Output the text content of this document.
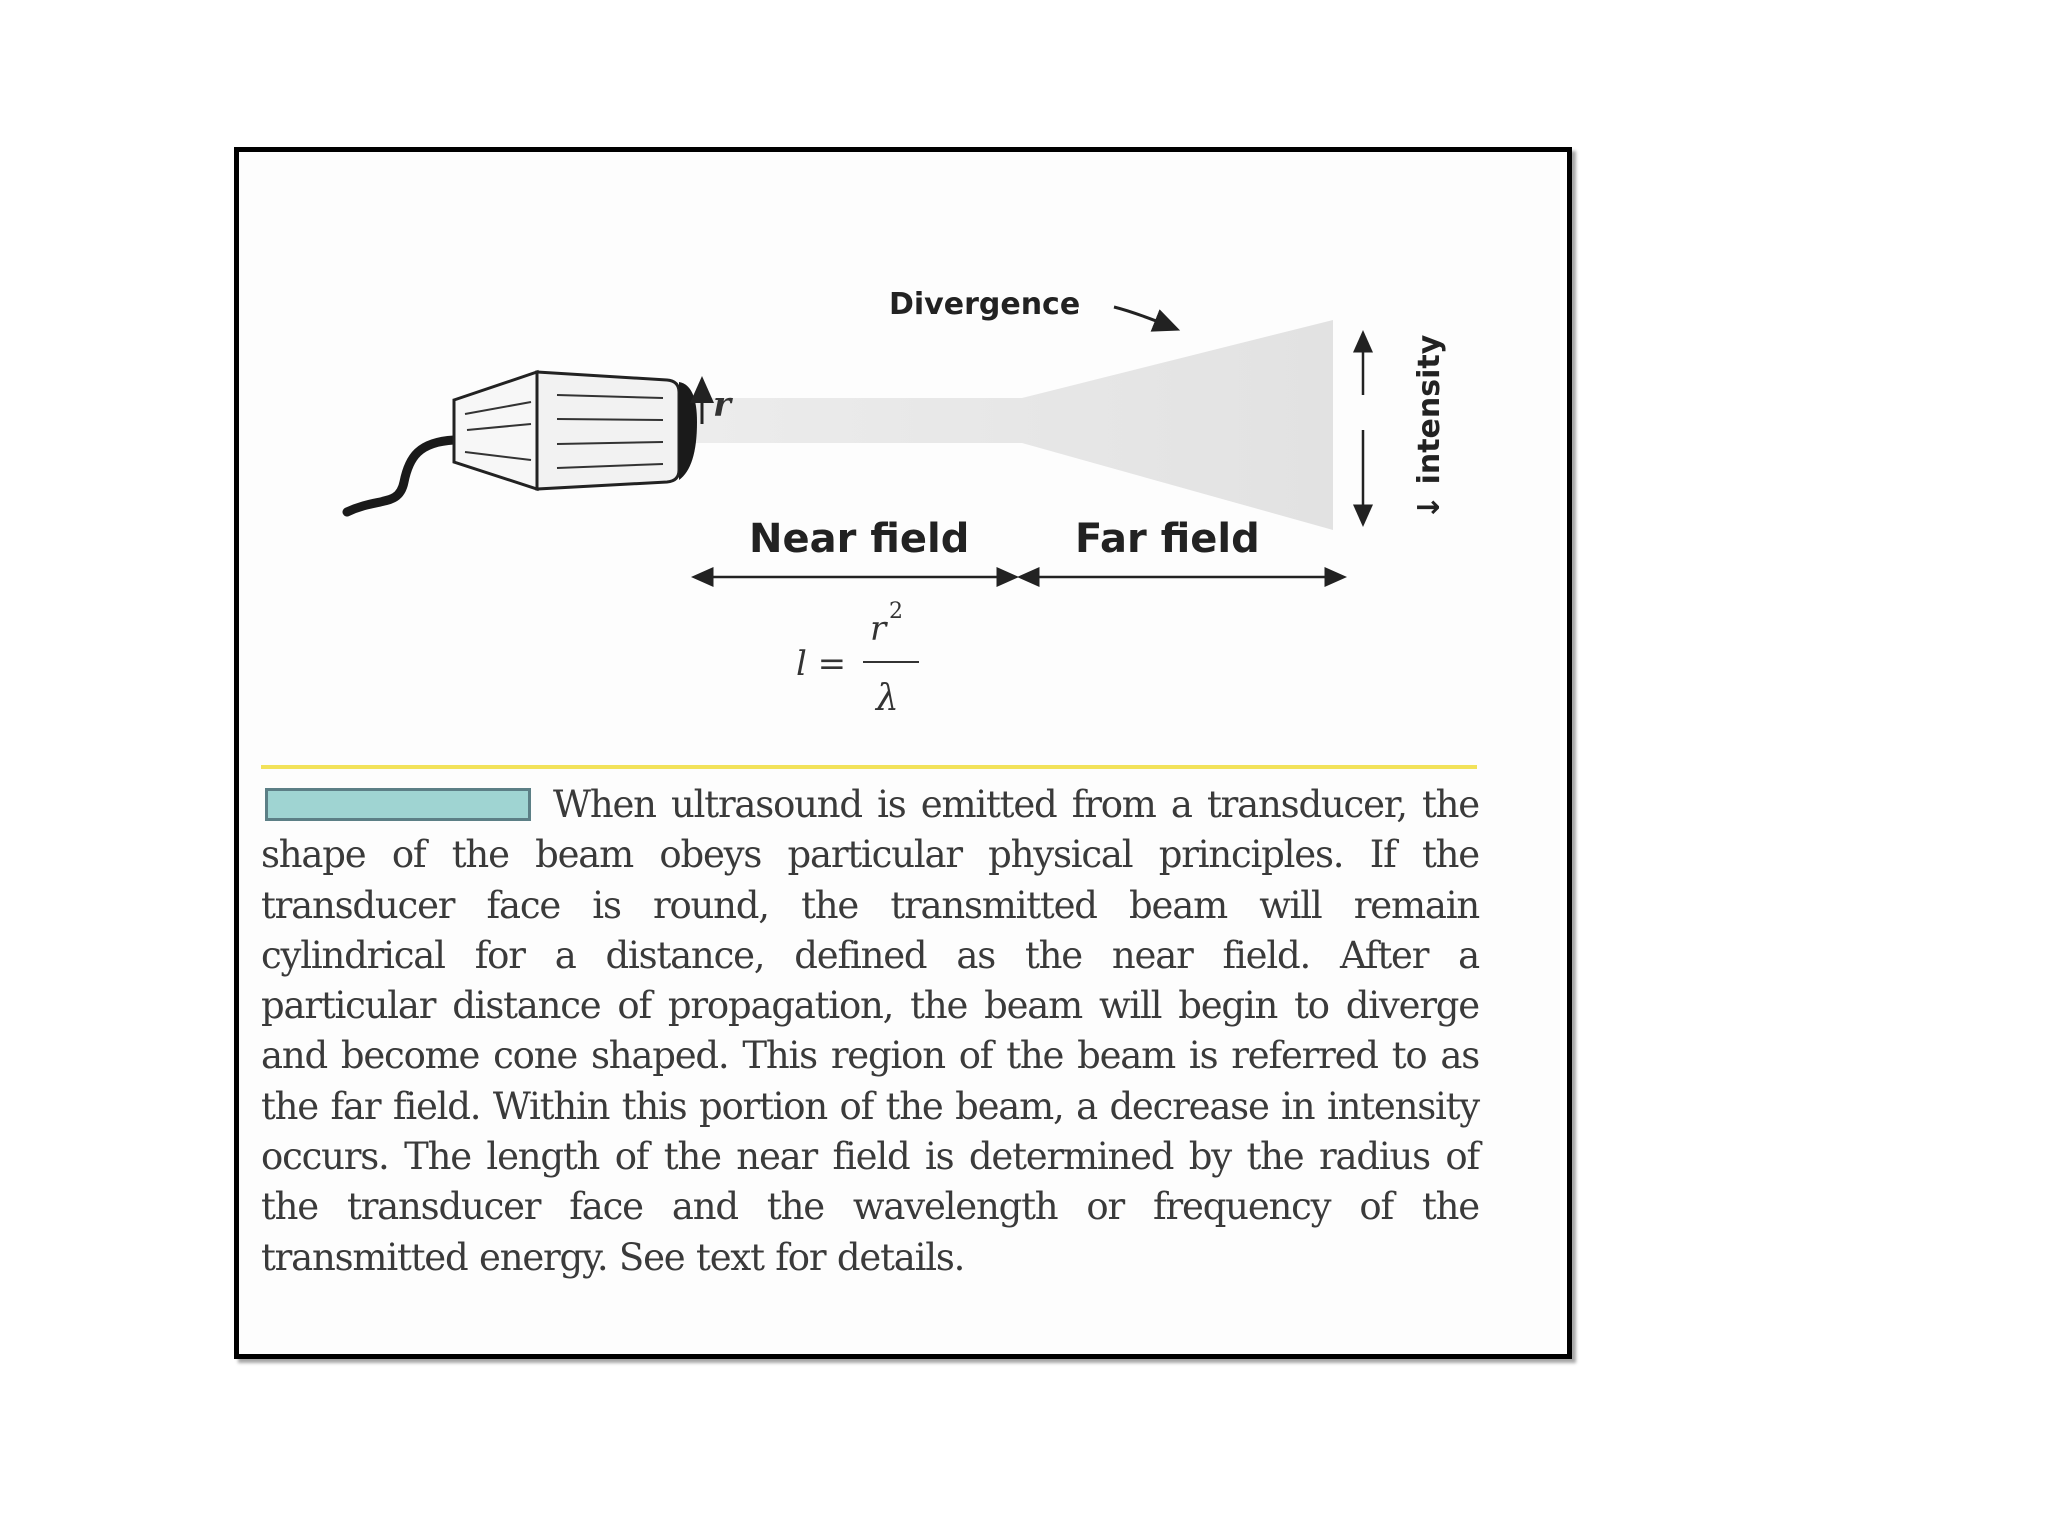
r
Divergence
↓ intensity
Near field	Far field
l =
r 2
λ

When ultrasound is emitted from a transducer, the shape of the beam obeys particular physical principles. If the transducer face is round, the transmitted beam will remain cylindrical for a distance, defined as the near field. After a particular distance of propagation, the beam will begin to diverge and become cone shaped. This region of the beam is referred to as the far field. Within this portion of the beam, a decrease in intensity occurs. The length of the near field is determined by the radius of the transducer face and the wavelength or frequency of the transmitted energy. See text for details.
